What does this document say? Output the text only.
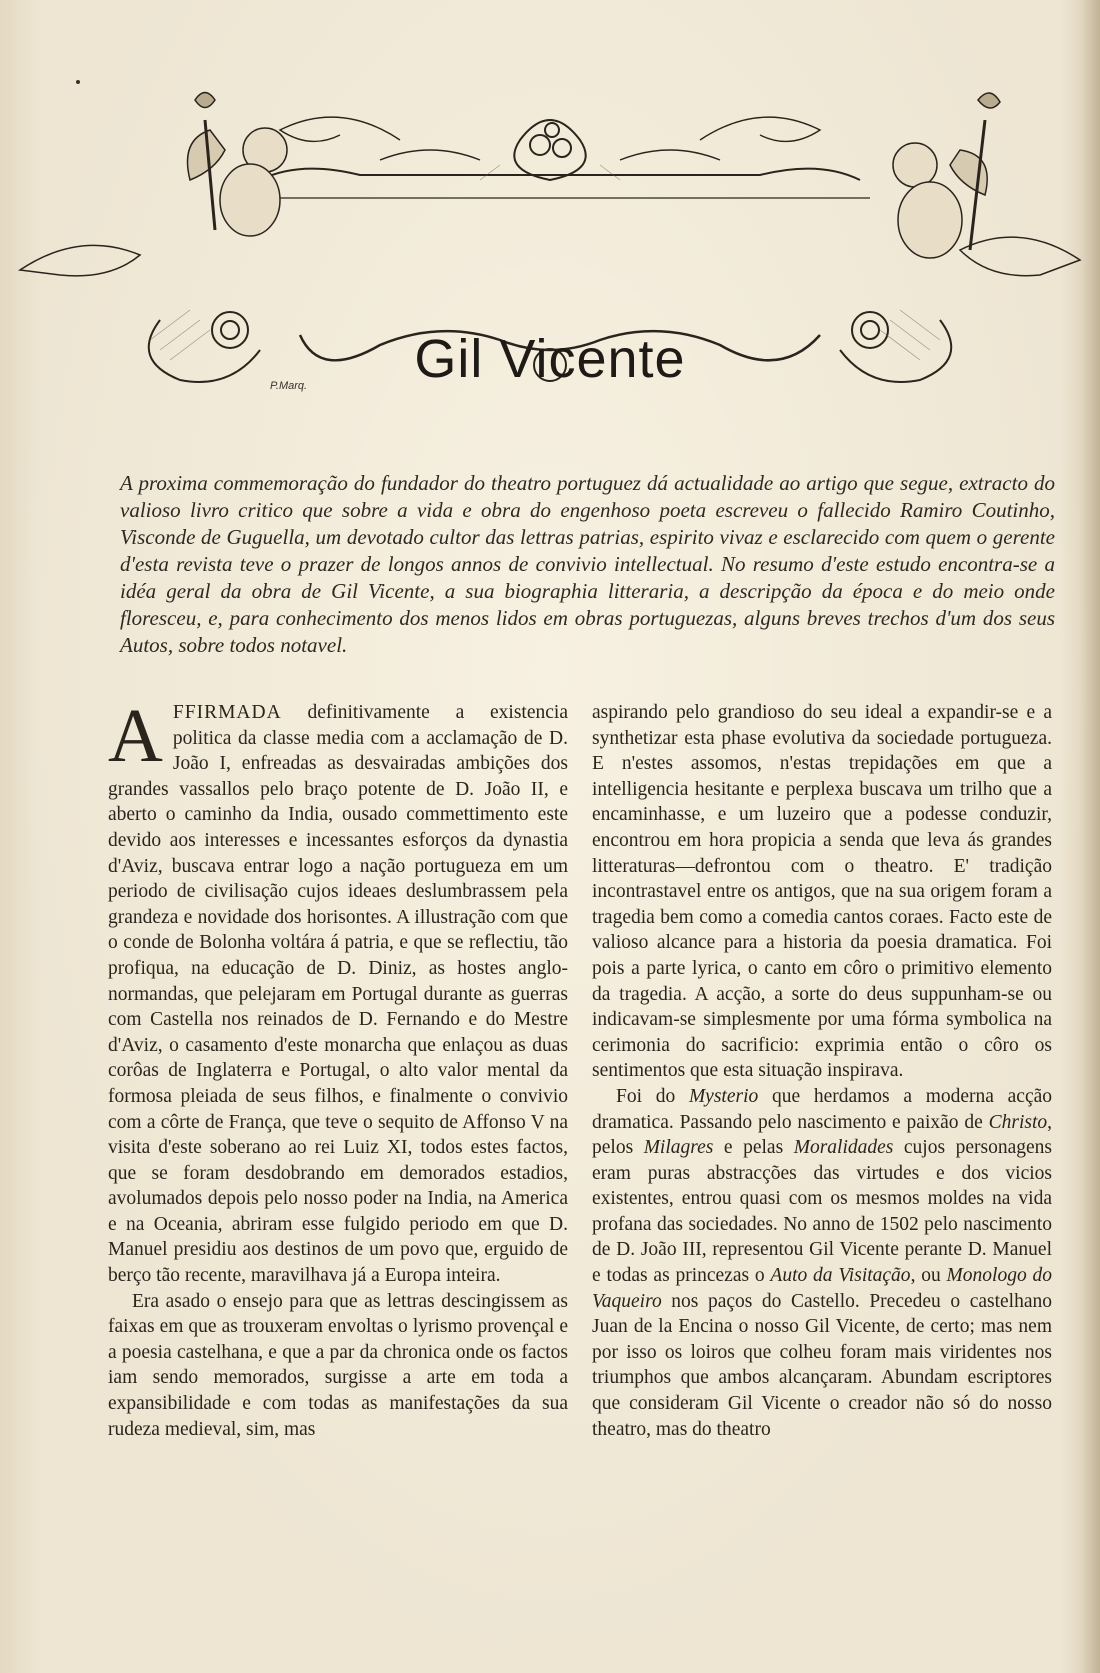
Gil Vicente
P.Marq.
A proxima commemoração do fundador do theatro portuguez dá actualidade ao artigo que segue, extracto do valioso livro critico que sobre a vida e obra do engenhoso poeta escreveu o fallecido Ramiro Coutinho, Visconde de Guguella, um devotado cultor das lettras patrias, espirito vivaz e esclarecido com quem o gerente d'esta revista teve o prazer de longos annos de convivio intellectual. No resumo d'este estudo encontra-se a idéa geral da obra de Gil Vicente, a sua biographia litteraria, a descripção da época e do meio onde floresceu, e, para conhecimento dos menos lidos em obras portuguezas, alguns breves trechos d'um dos seus Autos, sobre todos notavel.

AFFIRMADA definitivamente a existencia politica da classe media com a acclamação de D. João I, enfreadas as desvairadas ambições dos grandes vassallos pelo braço potente de D. João II, e aberto o caminho da India, ousado commettimento este devido aos interesses e incessantes esforços da dynastia d'Aviz, buscava entrar logo a nação portugueza em um periodo de civilisação cujos ideaes deslumbrassem pela grandeza e novidade dos horisontes. A illustração com que o conde de Bolonha voltára á patria, e que se reflectiu, tão profiqua, na educação de D. Diniz, as hostes anglo-normandas, que pelejaram em Portugal durante as guerras com Castella nos reinados de D. Fernando e do Mestre d'Aviz, o casamento d'este monarcha que enlaçou as duas corôas de Inglaterra e Portugal, o alto valor mental da formosa pleiada de seus filhos, e finalmente o convivio com a côrte de França, que teve o sequito de Affonso V na visita d'este soberano ao rei Luiz XI, todos estes factos, que se foram desdobrando em demorados estadios, avolumados depois pelo nosso poder na India, na America e na Oceania, abriram esse fulgido periodo em que D. Manuel presidiu aos destinos de um povo que, erguido de berço tão recente, maravilhava já a Europa inteira.

Era asado o ensejo para que as lettras descingissem as faixas em que as trouxeram envoltas o lyrismo provençal e a poesia castelhana, e que a par da chronica onde os factos iam sendo memorados, surgisse a arte em toda a expansibilidade e com todas as manifestações da sua rudeza medieval, sim, mas

aspirando pelo grandioso do seu ideal a expandir-se e a synthetizar esta phase evolutiva da sociedade portugueza. E n'estes assomos, n'estas trepidações em que a intelligencia hesitante e perplexa buscava um trilho que a encaminhasse, e um luzeiro que a podesse conduzir, encontrou em hora propicia a senda que leva ás grandes litteraturas—defrontou com o theatro. E' tradição incontrastavel entre os antigos, que na sua origem foram a tragedia bem como a comedia cantos coraes. Facto este de valioso alcance para a historia da poesia dramatica. Foi pois a parte lyrica, o canto em côro o primitivo elemento da tragedia. A acção, a sorte do deus suppunham-se ou indicavam-se simplesmente por uma fórma symbolica na cerimonia do sacrificio: exprimia então o côro os sentimentos que esta situação inspirava.

Foi do Mysterio que herdamos a moderna acção dramatica. Passando pelo nascimento e paixão de Christo, pelos Milagres e pelas Moralidades cujos personagens eram puras abstracções das virtudes e dos vicios existentes, entrou quasi com os mesmos moldes na vida profana das sociedades. No anno de 1502 pelo nascimento de D. João III, representou Gil Vicente perante D. Manuel e todas as princezas o Auto da Visitação, ou Monologo do Vaqueiro nos paços do Castello. Precedeu o castelhano Juan de la Encina o nosso Gil Vicente, de certo; mas nem por isso os loiros que colheu foram mais viridentes nos triumphos que ambos alcançaram. Abundam escriptores que consideram Gil Vicente o creador não só do nosso theatro, mas do theatro
